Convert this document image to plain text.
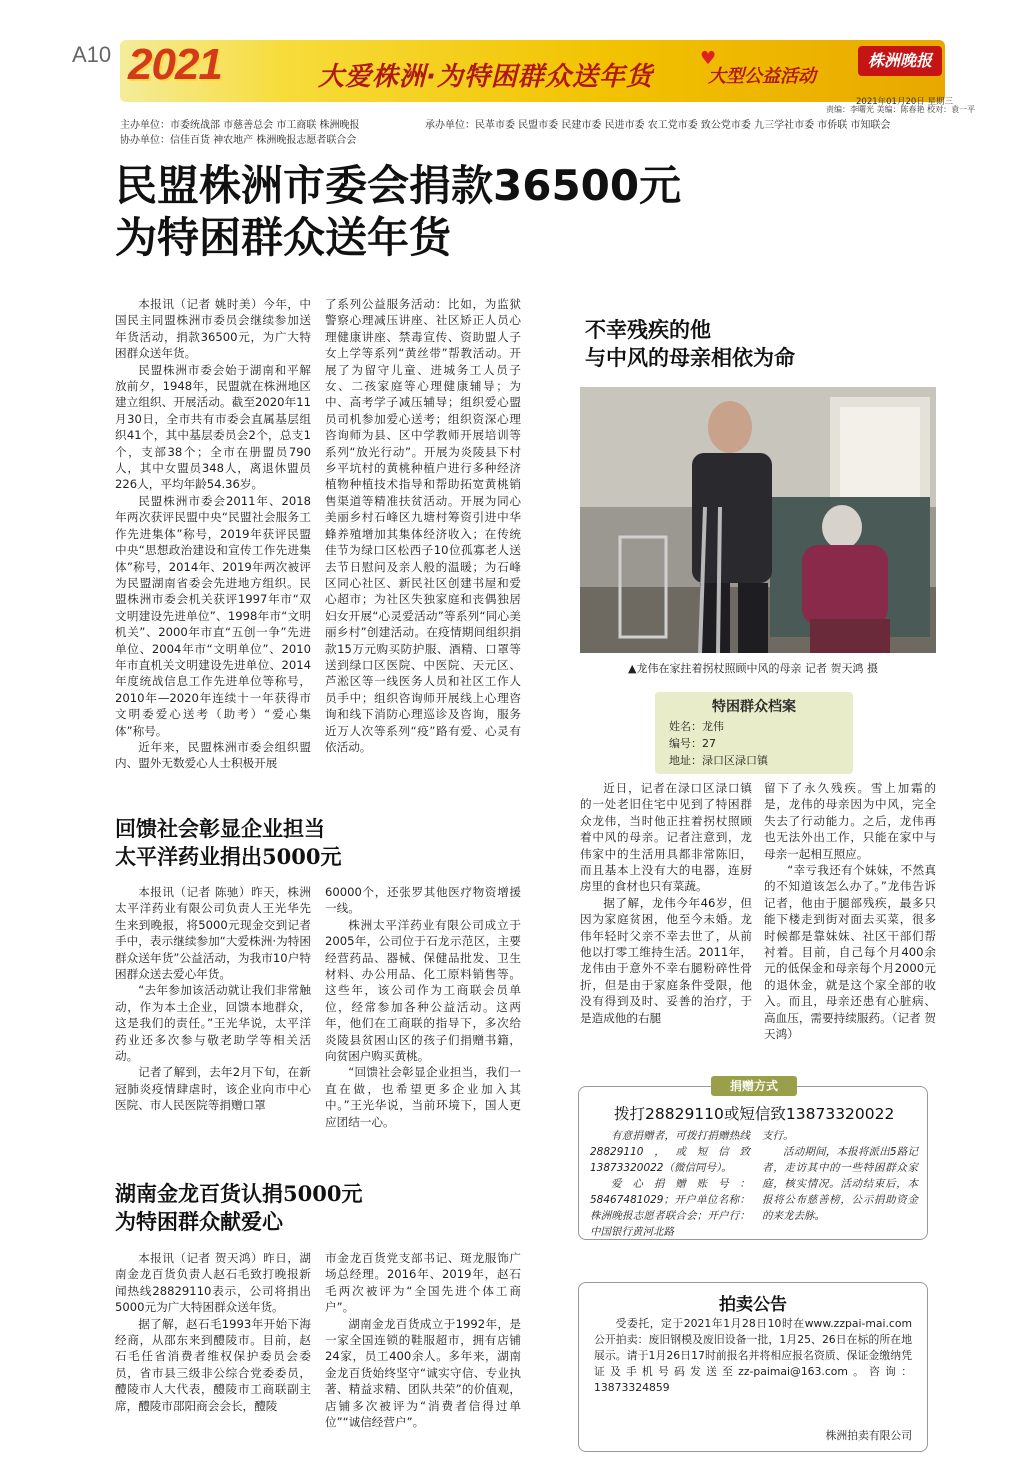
A10 2021	大爱株洲·为特困群众送年货
♥
大型公益活动
株洲晚报
2021年01月20日 星期三
责编：李曙光 美编：陈春艳 校对：袁一平
主办单位：市委统战部 市慈善总会 市工商联 株洲晚报	承办单位：民革市委 民盟市委 民建市委 民进市委 农工党市委 致公党市委 九三学社市委 市侨联 市知联会
协办单位：信佳百货 神农地产 株洲晚报志愿者联合会
民盟株洲市委会捐款36500元
为特困群众送年货

本报讯（记者 姚时美）今年，中国民主同盟株洲市委员会继续参加送年货活动，捐款36500元，为广大特困群众送年货。

民盟株洲市委会始于湖南和平解放前夕，1948年，民盟就在株洲地区建立组织、开展活动。截至2020年11月30日，全市共有市委会直属基层组织41个，其中基层委员会2个，总支1个，支部38个；全市在册盟员790人，其中女盟员348人，离退休盟员226人，平均年龄54.36岁。

民盟株洲市委会2011年、2018年两次获评民盟中央“民盟社会服务工作先进集体”称号，2019年获评民盟中央“思想政治建设和宣传工作先进集体”称号，2014年、2019年两次被评为民盟湖南省委会先进地方组织。民盟株洲市委会机关获评1997年市“双文明建设先进单位”、1998年市“文明机关”、2000年市直“五创一争”先进单位、2004年市“文明单位”、2010年市直机关文明建设先进单位、2014年度统战信息工作先进单位等称号，2010年—2020年连续十一年获得市文明委爱心送考（助考）“爱心集体”称号。

近年来，民盟株洲市委会组织盟内、盟外无数爱心人士积极开展

了系列公益服务活动：比如，为监狱警察心理减压讲座、社区矫正人员心理健康讲座、禁毒宣传、资助盟人子女上学等系列“黄丝带”帮教活动。开展了为留守儿童、进城务工人员子女、二孩家庭等心理健康辅导；为中、高考学子减压辅导；组织爱心盟员司机参加爱心送考；组织资深心理咨询师为县、区中学教师开展培训等系列“放光行动”。开展为炎陵县下村乡平坑村的黄桃种植户进行多种经济植物种植技术指导和帮助拓宽黄桃销售渠道等精准扶贫活动。开展为同心美丽乡村石峰区九塘村筹资引进中华蜂养殖增加其集体经济收入；在传统佳节为绿口区松西子10位孤寡老人送去节日慰问及亲人般的温暖；为石峰区同心社区、新民社区创建书屋和爱心超市；为社区失独家庭和丧偶独居妇女开展“心灵爱活动”等系列“同心美丽乡村”创建活动。在疫情期间组织捐款15万元购买防护服、酒精、口罩等送到绿口区医院、中医院、天元区、芦淞区等一线医务人员和社区工作人员手中；组织咨询师开展线上心理咨询和线下消防心理巡诊及咨询，服务近万人次等系列“疫”路有爱、心灵有依活动。

不幸残疾的他
与中风的母亲相依为命
▲龙伟在家拄着拐杖照顾中风的母亲 记者 贺天鸿 摄
特困群众档案
姓名：龙伟
编号：27
地址：渌口区渌口镇

近日，记者在渌口区渌口镇的一处老旧住宅中见到了特困群众龙伟，当时他正拄着拐杖照顾着中风的母亲。记者注意到，龙伟家中的生活用具都非常陈旧，而且基本上没有大的电器，连厨房里的食材也只有菜蔬。

据了解，龙伟今年46岁，但因为家庭贫困，他至今未婚。龙伟年轻时父亲不幸去世了，从前他以打零工维持生活。2011年，龙伟由于意外不幸右腿粉碎性骨折，但是由于家庭条件受限，他没有得到及时、妥善的治疗，于是造成他的右腿

留下了永久残疾。雪上加霜的是，龙伟的母亲因为中风，完全失去了行动能力。之后，龙伟再也无法外出工作，只能在家中与母亲一起相互照应。

“幸亏我还有个妹妹，不然真的不知道该怎么办了。”龙伟告诉记者，他由于腿部残疾，最多只能下楼走到街对面去买菜，很多时候都是靠妹妹、社区干部们帮衬着。目前，自己每个月400余元的低保金和母亲每个月2000元的退休金，就是这个家全部的收入。而且，母亲还患有心脏病、高血压，需要持续服药。（记者 贺天鸿）

回馈社会彰显企业担当
太平洋药业捐出5000元

本报讯（记者 陈驰）昨天，株洲太平洋药业有限公司负责人王光华先生来到晚报，将5000元现金交到记者手中，表示继续参加“大爱株洲·为特困群众送年货”公益活动，为我市10户特困群众送去爱心年货。

“去年参加该活动就让我们非常触动，作为本土企业，回馈本地群众，这是我们的责任。”王光华说，太平洋药业还多次参与敬老助学等相关活动。

记者了解到，去年2月下旬，在新冠肺炎疫情肆虐时，该企业向市中心医院、市人民医院等捐赠口罩

60000个，还张罗其他医疗物资增援一线。

株洲太平洋药业有限公司成立于2005年，公司位于石龙示范区，主要经营药品、器械、保健品批发、卫生材料、办公用品、化工原料销售等。这些年，该公司作为工商联会员单位，经常参加各种公益活动。这两年，他们在工商联的指导下，多次给炎陵县贫困山区的孩子们捐赠书籍，向贫困户购买黄桃。

“回馈社会彰显企业担当，我们一直在做，也希望更多企业加入其中。”王光华说，当前环境下，国人更应团结一心。

湖南金龙百货认捐5000元
为特困群众献爱心

本报讯（记者 贺天鸿）昨日，湖南金龙百货负责人赵石毛致打晚报新闻热线28829110表示，公司将捐出5000元为广大特困群众送年货。

据了解，赵石毛1993年开始下海经商，从邵东来到醴陵市。目前，赵石毛任省消费者维权保护委员会委员，省市县三级非公综合党委委员，醴陵市人大代表，醴陵市工商联副主席，醴陵市邵阳商会会长，醴陵

市金龙百货党支部书记、斑龙服饰广场总经理。2016年、2019年，赵石毛两次被评为“全国先进个体工商户”。

湖南金龙百货成立于1992年，是一家全国连锁的鞋服超市，拥有店铺24家，员工400余人。多年来，湖南金龙百货始终坚守“诚实守信、专业执著、精益求精、团队共荣”的价值观，店铺多次被评为“消费者信得过单位”“诚信经营户”。

捐赠方式
拨打28829110或短信致13873320022

有意捐赠者，可拨打捐赠热线28829110，或短信致13873320022（微信同号）。

爱心捐赠账号：58467481029；开户单位名称：株洲晚报志愿者联合会；开户行：中国银行黄河北路

支行。

活动期间，本报将派出5路记者，走访其中的一些特困群众家庭，核实情况。活动结束后，本报将公布慈善榜，公示捐助资金的来龙去脉。

拍卖公告

受委托，定于2021年1月28日10时在www.zzpai-mai.com公开拍卖：废旧钢模及废旧设备一批，1月25、26日在标的所在地展示。请于1月26日17时前报名并将相应报名资质、保证金缴纳凭证及手机号码发送至zz-paimai@163.com。咨询：13873324859

株洲拍卖有限公司
